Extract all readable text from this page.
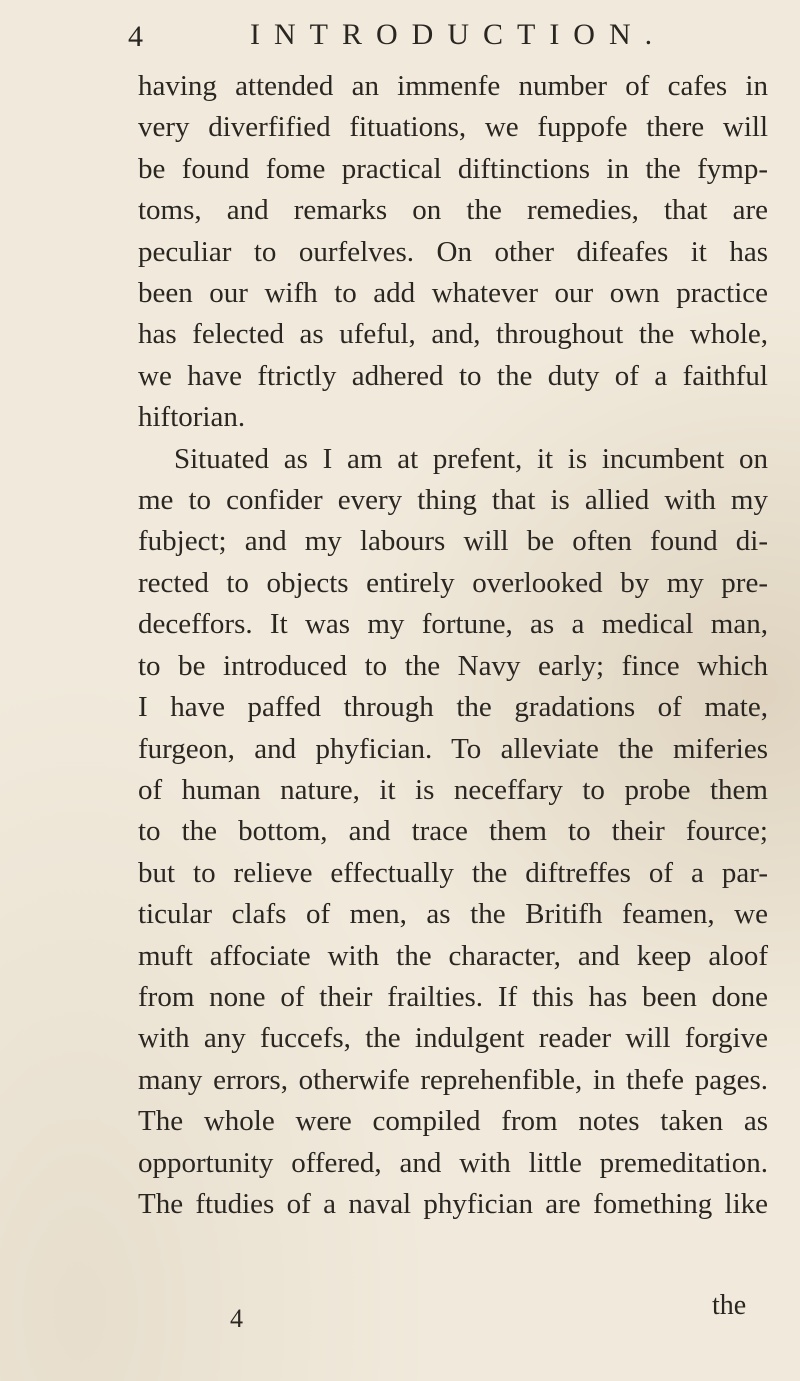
4	INTRODUCTION.
having attended an immenfe number of cafes in
very diverfified fituations, we fuppofe there will
be found fome practical diftinctions in the fymp-
toms, and remarks on the remedies, that are
peculiar to ourfelves. On other difeafes it has
been our wifh to add whatever our own practice
has felected as ufeful, and, throughout the whole,
we have ftrictly adhered to the duty of a faithful
hiftorian.
Situated as I am at prefent, it is incumbent on
me to confider every thing that is allied with my
fubject; and my labours will be often found di-
rected to objects entirely overlooked by my pre-
deceffors. It was my fortune, as a medical man,
to be introduced to the Navy early; fince which
I have paffed through the gradations of mate,
furgeon, and phyfician. To alleviate the miferies
of human nature, it is neceffary to probe them
to the bottom, and trace them to their fource;
but to relieve effectually the diftreffes of a par-
ticular clafs of men, as the Britifh feamen, we
muft affociate with the character, and keep aloof
from none of their frailties. If this has been done
with any fuccefs, the indulgent reader will forgive
many errors, otherwife reprehenfible, in thefe pages.
The whole were compiled from notes taken as
opportunity offered, and with little premeditation.
The ftudies of a naval phyfician are fomething like
4	the
